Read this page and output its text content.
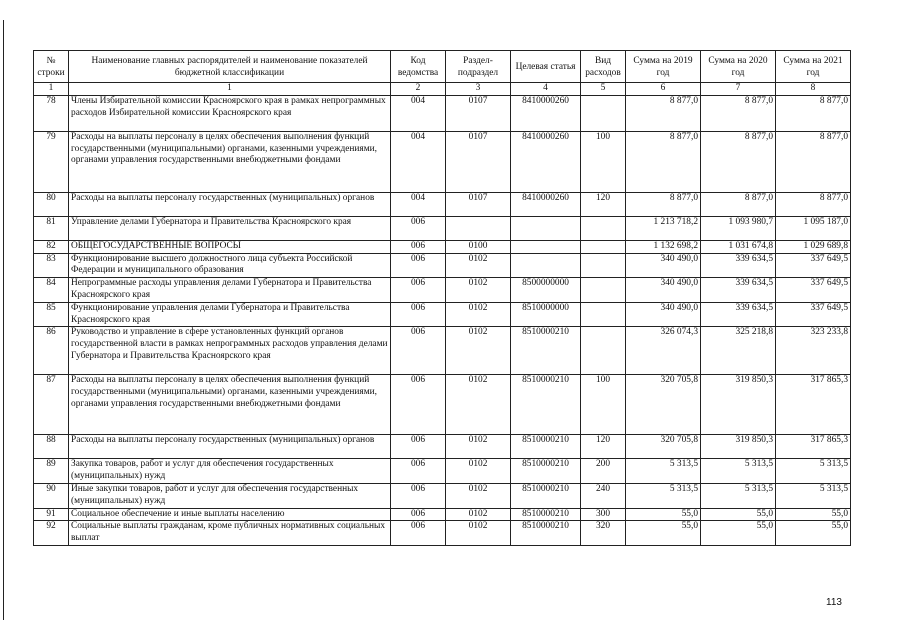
№ строки	Наименование главных распорядителей и наименование показателей бюджетной классификации	Код ведомства	Раздел-подраздел	Целевая статья	Вид расходов	Сумма на 2019 год	Сумма на 2020 год	Сумма на 2021 год
1	1	2	3	4	5	6	7	8
78	Члены Избирательной комиссии Красноярского края в рамках непрограммных расходов Избирательной комиссии Красноярского края	004	0107	8410000260		8 877,0	8 877,0	8 877,0
79	Расходы на выплаты персоналу в целях обеспечения выполнения функций государственными (муниципальными) органами, казенными учреждениями, органами управления государственными внебюджетными фондами	004	0107	8410000260	100	8 877,0	8 877,0	8 877,0
80	Расходы на выплаты персоналу государственных (муниципальных) органов	004	0107	8410000260	120	8 877,0	8 877,0	8 877,0
81	Управление делами Губернатора и Правительства Красноярского края	006				1 213 718,2	1 093 980,7	1 095 187,0
82	ОБЩЕГОСУДАРСТВЕННЫЕ ВОПРОСЫ	006	0100			1 132 698,2	1 031 674,8	1 029 689,8
83	Функционирование высшего должностного лица субъекта Российской Федерации и муниципального образования	006	0102			340 490,0	339 634,5	337 649,5
84	Непрограммные расходы управления делами Губернатора и Правительства Красноярского края	006	0102	8500000000		340 490,0	339 634,5	337 649,5
85	Функционирование управления делами Губернатора и Правительства Красноярского края	006	0102	8510000000		340 490,0	339 634,5	337 649,5
86	Руководство и управление в сфере установленных функций органов государственной власти в рамках непрограммных расходов управления делами Губернатора и Правительства Красноярского края	006	0102	8510000210		326 074,3	325 218,8	323 233,8
87	Расходы на выплаты персоналу в целях обеспечения выполнения функций государственными (муниципальными) органами, казенными учреждениями, органами управления государственными внебюджетными фондами	006	0102	8510000210	100	320 705,8	319 850,3	317 865,3
88	Расходы на выплаты персоналу государственных (муниципальных) органов	006	0102	8510000210	120	320 705,8	319 850,3	317 865,3
89	Закупка товаров, работ и услуг для обеспечения государственных (муниципальных) нужд	006	0102	8510000210	200	5 313,5	5 313,5	5 313,5
90	Иные закупки товаров, работ и услуг для обеспечения государственных (муниципальных) нужд	006	0102	8510000210	240	5 313,5	5 313,5	5 313,5
91	Социальное обеспечение и иные выплаты населению	006	0102	8510000210	300	55,0	55,0	55,0
92	Социальные выплаты гражданам, кроме публичных нормативных социальных выплат	006	0102	8510000210	320	55,0	55,0	55,0
113
